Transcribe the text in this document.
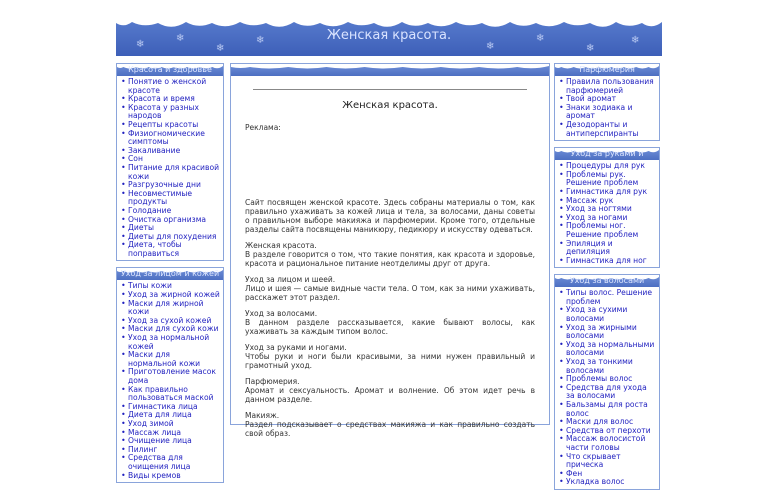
❄
❄
❄
❄
❄
❄
❄
❄
Женская красота.
Красота и здоровье
• Понятие о женской красоте
• Красота и время
• Красота у разных народов
• Рецепты красоты
• Физиогномические симптомы
• Закаливание
• Сон
• Питание для красивой кожи
• Разгрузочные дни
• Несовместимые продукты
• Голодание
• Очистка организма
• Диеты
• Диеты для похудения
• Диета, чтобы поправиться
Уход за лицом и кожей
• Типы кожи
• Уход за жирной кожей
• Маски для жирной кожи
• Уход за сухой кожей
• Маски для сухой кожи
• Уход за нормальной кожей
• Маски для нормальной кожи
• Приготовление масок дома
• Как правильно пользоваться маской
• Гимнастика лица
• Диета для лица
• Уход зимой
• Массаж лица
• Очищение лица
• Пилинг
• Средства для очищения лица
• Виды кремов
Женская красота.
Реклама:
Сайт посвящен женской красоте. Здесь собраны материалы о том, как правильно ухаживать за кожей лица и тела, за волосами, даны советы о правильном выборе макияжа и парфюмерии. Кроме того, отдельные разделы сайта посвящены маникюру, педикюру и искусству одеваться.
Женская красота.
В разделе говорится о том, что такие понятия, как красота и здоровье, красота и рациональное питание неотделимы друг от друга.
Уход за лицом и шеей.
Лицо и шея — самые видные части тела. О том, как за ними ухаживать, расскажет этот раздел.
Уход за волосами.
В данном разделе рассказывается, какие бывают волосы, как ухаживать за каждым типом волос.
Уход за руками и ногами.
Чтобы руки и ноги были красивыми, за ними нужен правильный и грамотный уход.
Парфюмерия.
Аромат и сексуальность. Аромат и волнение. Об этом идет речь в данном разделе.
Макияж.
Раздел подсказывает о средствах макияжа и как правильно создать свой образ.
Парфюмерия
• Правила пользования парфюмерией
• Твой аромат
• Знаки зодиака и аромат
• Дезодоранты и антиперспиранты
Уход за руками и
• Процедуры для рук
• Проблемы рук. Решение проблем
• Гимнастика для рук
• Массаж рук
• Уход за ногтями
• Уход за ногами
• Проблемы ног. Решение проблем
• Эпиляция и депиляция
• Гимнастика для ног
Уход за волосами
• Типы волос. Решение проблем
• Уход за сухими волосами
• Уход за жирными волосами
• Уход за нормальными волосами
• Уход за тонкими волосами
• Проблемы волос
• Средства для ухода за волосами
• Бальзамы для роста волос
• Маски для волос
• Средства от перхоти
• Массаж волосистой части головы
• Что скрывает прическа
• Фен
• Укладка волос
